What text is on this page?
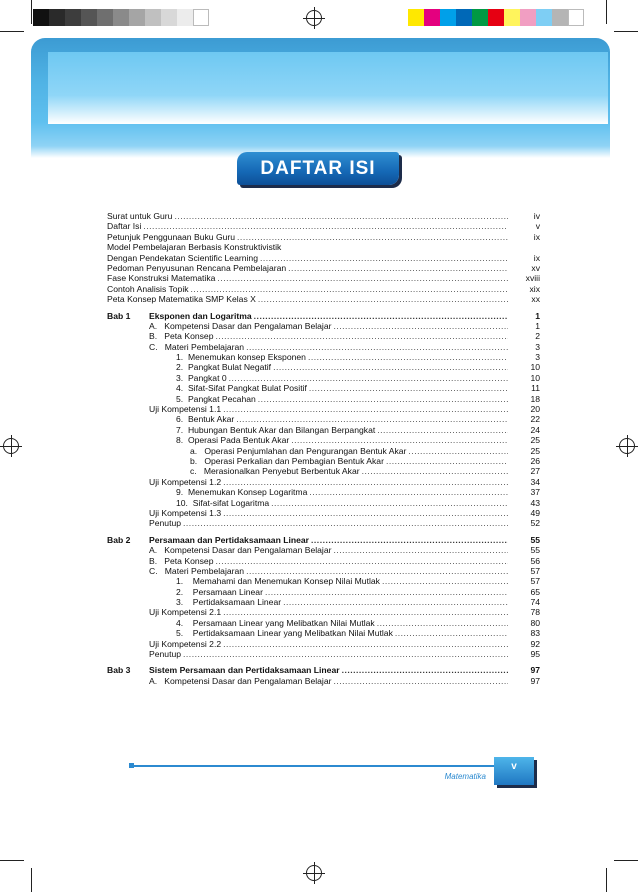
DAFTAR ISI
Surat untuk Guru .....	iv
Daftar Isi .....	v
Petunjuk Penggunaan Buku Guru .....	ix
Model Pembelajaran Berbasis Konstruktivistik
Dengan Pendekatan Scientific Learning .....	ix
Pedoman Penyusunan Rencana Pembelajaran .....	xv
Fase Konstruksi Matematika .....	xviii
Contoh Analisis Topik .....	xix
Peta Konsep Matematika SMP Kelas X .....	xx
Bab 1	Eksponen dan Logaritma .....	1
A.   Kompetensi Dasar dan Pengalaman Belajar .....	1
B.   Peta Konsep .....	2
C.   Materi Pembelajaran .....	3
1.  Menemukan konsep Eksponen .....	3
2.  Pangkat Bulat Negatif .....	10
3.  Pangkat 0 .....	10
4.  Sifat-Sifat Pangkat Bulat Positif .....	11
5.  Pangkat Pecahan .....	18
Uji Kompetensi 1.1 .....	20
6.  Bentuk Akar .....	22
7.  Hubungan Bentuk Akar dan Bilangan Berpangkat .....	24
8.  Operasi Pada Bentuk Akar .....	25
a.   Operasi Penjumlahan dan Pengurangan Bentuk Akar .....	25
b.   Operasi Perkalian dan Pembagian Bentuk Akar .....	26
c.   Merasionalkan Penyebut Berbentuk Akar .....	27
Uji Kompetensi 1.2 .....	34
9.  Menemukan Konsep Logaritma .....	37
10.  Sifat-sifat Logaritma .....	43
Uji Kompetensi 1.3 .....	49
Penutup .....	52
Bab 2	Persamaan dan Pertidaksamaan Linear .....	55
A.   Kompetensi Dasar dan Pengalaman Belajar .....	55
B.   Peta Konsep .....	56
C.   Materi Pembelajaran .....	57
1.    Memahami dan Menemukan Konsep Nilai Mutlak .....	57
2.    Persamaan Linear .....	65
3.    Pertidaksamaan Linear .....	74
Uji Kompetensi 2.1 .....	78
4.    Persamaan Linear yang Melibatkan Nilai Mutlak .....	80
5.    Pertidaksamaan Linear yang Melibatkan Nilai Mutlak .....	83
Uji Kompetensi 2.2 .....	92
Penutup .....	95
Bab 3	Sistem Persamaan dan Pertidaksamaan Linear .....	97
A.   Kompetensi Dasar dan Pengalaman Belajar .....	97
Matematika
v
